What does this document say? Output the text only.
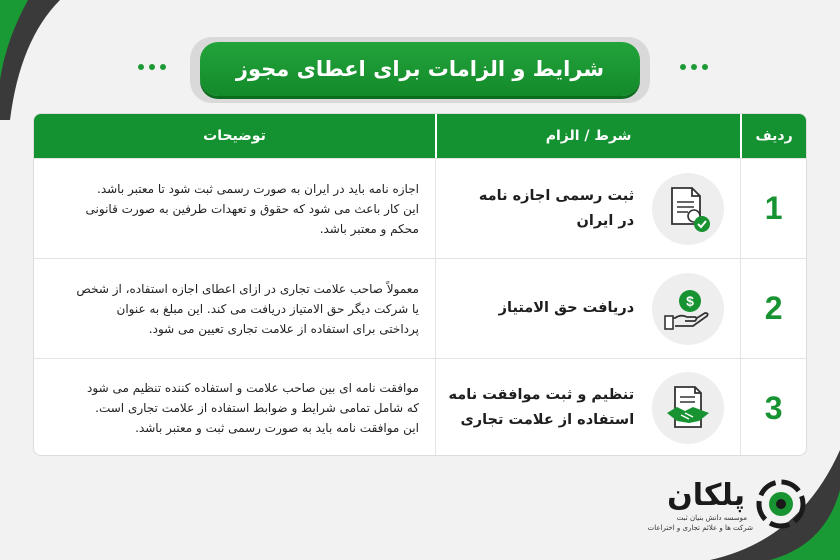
شرایط و الزامات برای اعطای مجوز
ردیف
شرط / الزام
توضیحات
1
ثبت رسمی اجازه نامه
در ایران
اجازه نامه باید در ایران به صورت رسمی ثبت شود تا معتبر باشد.
این کار باعث می شود که حقوق و تعهدات طرفین به صورت قانونی
محکم و معتبر باشد.
2
$
دریافت حق الامتیاز
معمولاً صاحب علامت تجاری در ازای اعطای اجازه استفاده، از شخص
یا شرکت دیگر حق الامتیاز دریافت می کند. این مبلغ به عنوان
پرداختی برای استفاده از علامت تجاری تعیین می شود.
3
تنظیم و ثبت موافقت نامه
استفاده از علامت تجاری
موافقت نامه ای بین صاحب علامت و استفاده کننده تنظیم می شود
که شامل تمامی شرایط و ضوابط استفاده از علامت تجاری است.
این موافقت نامه باید به صورت رسمی ثبت و معتبر باشد.
پلکان
موسسه دانش بنیان ثبت
شرکت ها و علائم تجاری و اختراعات
